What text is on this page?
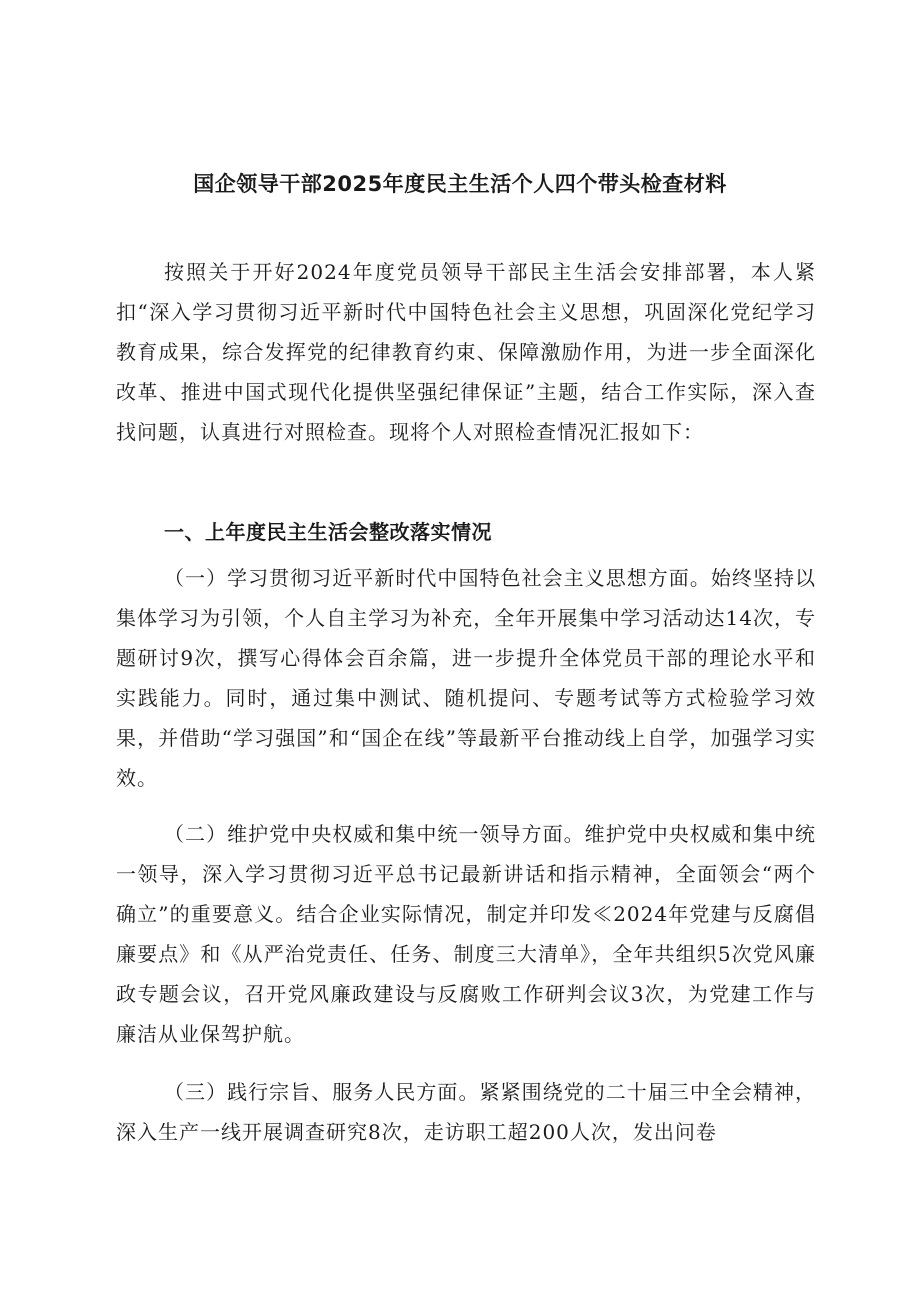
国企领导干部2025年度民主生活个人四个带头检查材料

按照关于开好2024年度党员领导干部民主生活会安排部署，本人紧扣“深入学习贯彻习近平新时代中国特色社会主义思想，巩固深化党纪学习教育成果，综合发挥党的纪律教育约束、保障激励作用，为进一步全面深化改革、推进中国式现代化提供坚强纪律保证”主题，结合工作实际，深入查找问题，认真进行对照检查。现将个人对照检查情况汇报如下：

一、上年度民主生活会整改落实情况

（一）学习贯彻习近平新时代中国特色社会主义思想方面。始终坚持以集体学习为引领，个人自主学习为补充，全年开展集中学习活动达14次，专题研讨9次，撰写心得体会百余篇，进一步提升全体党员干部的理论水平和实践能力。同时，通过集中测试、随机提问、专题考试等方式检验学习效果，并借助“学习强国”和“国企在线”等最新平台推动线上自学，加强学习实效。

（二）维护党中央权威和集中统一领导方面。维护党中央权威和集中统一领导，深入学习贯彻习近平总书记最新讲话和指示精神，全面领会“两个确立”的重要意义。结合企业实际情况，制定并印发≪2024年党建与反腐倡廉要点》和《从严治党责任、任务、制度三大清单》，全年共组织5次党风廉政专题会议，召开党风廉政建设与反腐败工作研判会议3次，为党建工作与廉洁从业保驾护航。

（三）践行宗旨、服务人民方面。紧紧围绕党的二十届三中全会精神，深入生产一线开展调查研究8次，走访职工超200人次，发出问卷
